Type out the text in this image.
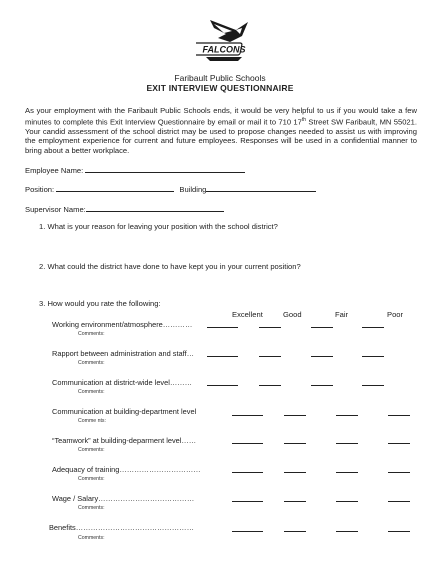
FALCONS
Faribault Public Schools
EXIT INTERVIEW QUESTIONNAIRE
As your employment with the Faribault Public Schools ends, it would be very helpful to us if you would take a few minutes to complete this Exit Interview Questionnaire by email or mail it to 710 17th Street SW Faribault, MN 55021. Your candid assessment of the school district may be used to propose changes needed to assist us with improving the employment experience for current and future employees. Responses will be used in a confidential manner to bring about a better workplace.
Employee Name:
Position:	Building
Supervisor Name:
1. What is your reason for leaving your position with the school district?
2. What could the district have done to have kept you in your current position?
3. How would you rate the following:
Excellent	Good	Fair	Poor
Working environment/atmosphere…………
Comments:
Rapport between administration and staff…
Comments:
Communication at district-wide level………
Comments:
Communication at building-department level
Comme nts:
“Teamwork” at building-deparment level……
Comments:
Adequacy of training……………………………
Comments:
Wage / Salary…………………………………
Comments:
Benefits…………………………………………
Comments:
